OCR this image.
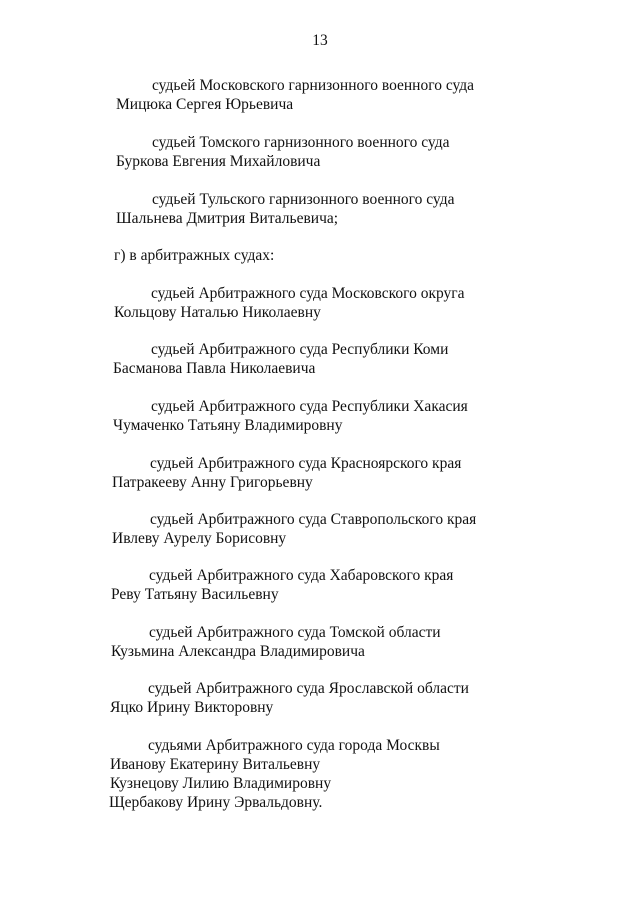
13
судьей Московского гарнизонного военного суда
Мицюка Сергея Юрьевича
судьей Томского гарнизонного военного суда
Буркова Евгения Михайловича
судьей Тульского гарнизонного военного суда
Шальнева Дмитрия Витальевича;
г) в арбитражных судах:
судьей Арбитражного суда Московского округа
Кольцову Наталью Николаевну
судьей Арбитражного суда Республики Коми
Басманова Павла Николаевича
судьей Арбитражного суда Республики Хакасия
Чумаченко Татьяну Владимировну
судьей Арбитражного суда Красноярского края
Патракееву Анну Григорьевну
судьей Арбитражного суда Ставропольского края
Ивлеву Аурелу Борисовну
судьей Арбитражного суда Хабаровского края
Реву Татьяну Васильевну
судьей Арбитражного суда Томской области
Кузьмина Александра Владимировича
судьей Арбитражного суда Ярославской области
Яцко Ирину Викторовну
судьями Арбитражного суда города Москвы
Иванову Екатерину Витальевну
Кузнецову Лилию Владимировну
Щербакову Ирину Эрвальдовну.
